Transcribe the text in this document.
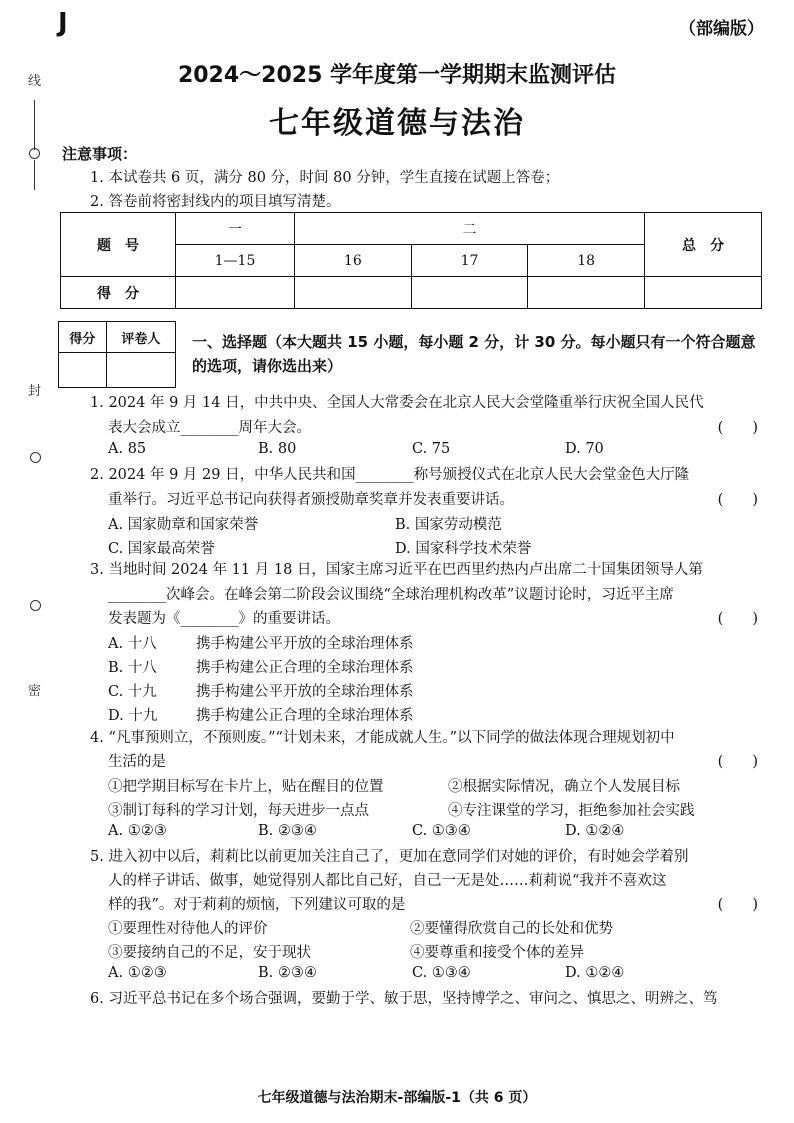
J	（部编版）
2024～2025 学年度第一学期期末监测评估
七年级道德与法治
线
封
密
注意事项：
1. 本试卷共 6 页，满分 80 分，时间 80 分钟，学生直接在试题上答卷；
2. 答卷前将密封线内的项目填写清楚。
题　号	一	二			总　分
	1—15	16	17	18	
得　分					
得分	评卷人
	一、选择题（本大题共 15 小题，每小题 2 分，计 30 分。每小题只有一个符合题意的选项，请你选出来）
1. 2024 年 9 月 14 日，中共中央、全国人大常委会在北京人民大会堂隆重举行庆祝全国人民代
表大会成立________周年大会。	(　　)
A. 85	B. 80	C. 75	D. 70
2. 2024 年 9 月 29 日，中华人民共和国________称号颁授仪式在北京人民大会堂金色大厅隆
重举行。习近平总书记向获得者颁授勋章奖章并发表重要讲话。	(　　)
A. 国家勋章和国家荣誉	B. 国家劳动模范
C. 国家最高荣誉	D. 国家科学技术荣誉
3. 当地时间 2024 年 11 月 18 日，国家主席习近平在巴西里约热内卢出席二十国集团领导人第
________次峰会。在峰会第二阶段会议围绕“全球治理机构改革”议题讨论时，习近平主席
发表题为《________》的重要讲话。	(　　)
A. 十八	携手构建公平开放的全球治理体系
B. 十八	携手构建公正合理的全球治理体系
C. 十九	携手构建公平开放的全球治理体系
D. 十九	携手构建公正合理的全球治理体系
4. “凡事预则立，不预则废。”“计划未来，才能成就人生。”以下同学的做法体现合理规划初中
生活的是	(　　)
①把学期目标写在卡片上，贴在醒目的位置	②根据实际情况，确立个人发展目标
③制订每科的学习计划，每天进步一点点	④专注课堂的学习，拒绝参加社会实践
A. ①②③	B. ②③④	C. ①③④	D. ①②④
5. 进入初中以后，莉莉比以前更加关注自己了，更加在意同学们对她的评价，有时她会学着别
人的样子讲话、做事，她觉得别人都比自己好，自己一无是处……莉莉说“我并不喜欢这
样的我”。对于莉莉的烦恼，下列建议可取的是	(　　)
①要理性对待他人的评价	②要懂得欣赏自己的长处和优势
③要接纳自己的不足，安于现状	④要尊重和接受个体的差异
A. ①②③	B. ②③④	C. ①③④	D. ①②④
6. 习近平总书记在多个场合强调，要勤于学、敏于思，坚持博学之、审问之、慎思之、明辨之、笃
七年级道德与法治期末-部编版-1（共 6 页）
